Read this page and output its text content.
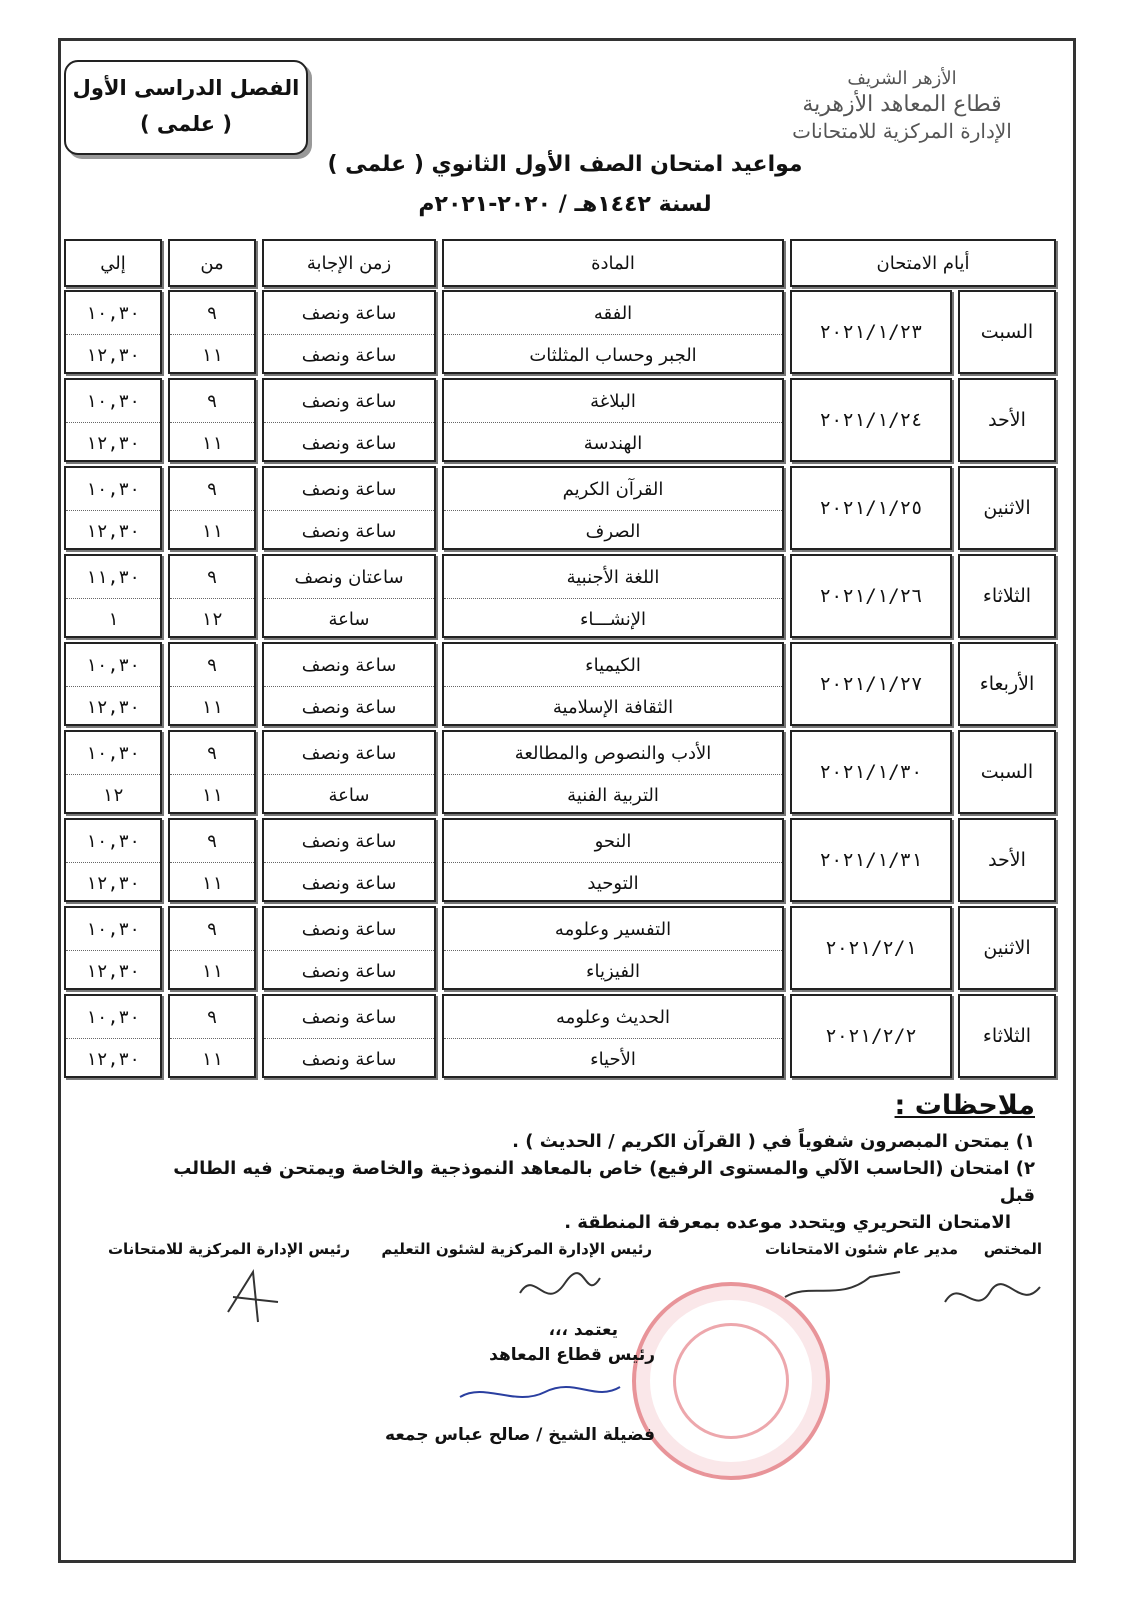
الأزهر الشريف
قطاع المعاهد الأزهرية
الإدارة المركزية للامتحانات
الفصل الدراسى الأول
( علمى )
مواعيد امتحان الصف الأول الثانوي ( علمى )
لسنة ١٤٤٢هـ / ٢٠٢٠-٢٠٢١م
أيام الامتحان
المادة
زمن الإجابة
من
إلي
السبت
٢٠٢١/١/٢٣
الفقه
الجبر وحساب المثلثات
ساعة ونصف
ساعة ونصف
٩
١١
١٠,٣٠
١٢,٣٠
الأحد
٢٠٢١/١/٢٤
البلاغة
الهندسة
ساعة ونصف
ساعة ونصف
٩
١١
١٠,٣٠
١٢,٣٠
الاثنين
٢٠٢١/١/٢٥
القرآن الكريم
الصرف
ساعة ونصف
ساعة ونصف
٩
١١
١٠,٣٠
١٢,٣٠
الثلاثاء
٢٠٢١/١/٢٦
اللغة الأجنبية
الإنشـــاء
ساعتان ونصف
ساعة
٩
١٢
١١,٣٠
١
الأربعاء
٢٠٢١/١/٢٧
الكيمياء
الثقافة الإسلامية
ساعة ونصف
ساعة ونصف
٩
١١
١٠,٣٠
١٢,٣٠
السبت
٢٠٢١/١/٣٠
الأدب والنصوص والمطالعة
التربية الفنية
ساعة ونصف
ساعة
٩
١١
١٠,٣٠
١٢
الأحد
٢٠٢١/١/٣١
النحو
التوحيد
ساعة ونصف
ساعة ونصف
٩
١١
١٠,٣٠
١٢,٣٠
الاثنين
٢٠٢١/٢/١
التفسير وعلومه
الفيزياء
ساعة ونصف
ساعة ونصف
٩
١١
١٠,٣٠
١٢,٣٠
الثلاثاء
٢٠٢١/٢/٢
الحديث وعلومه
الأحياء
ساعة ونصف
ساعة ونصف
٩
١١
١٠,٣٠
١٢,٣٠
ملاحظات :
١) يمتحن المبصرون شفوياً في ( القرآن الكريم / الحديث ) .
٢) امتحان (الحاسب الآلي والمستوى الرفيع) خاص بالمعاهد النموذجية والخاصة ويمتحن فيه الطالب قبل
الامتحان التحريري ويتحدد موعده بمعرفة المنطقة .
المختص
مدير عام شئون الامتحانات
رئيس الإدارة المركزية لشئون التعليم
رئيس الإدارة المركزية للامتحانات
يعتمد ،،،
رئيس قطاع المعاهد
فضيلة الشيخ / صالح عباس جمعه
